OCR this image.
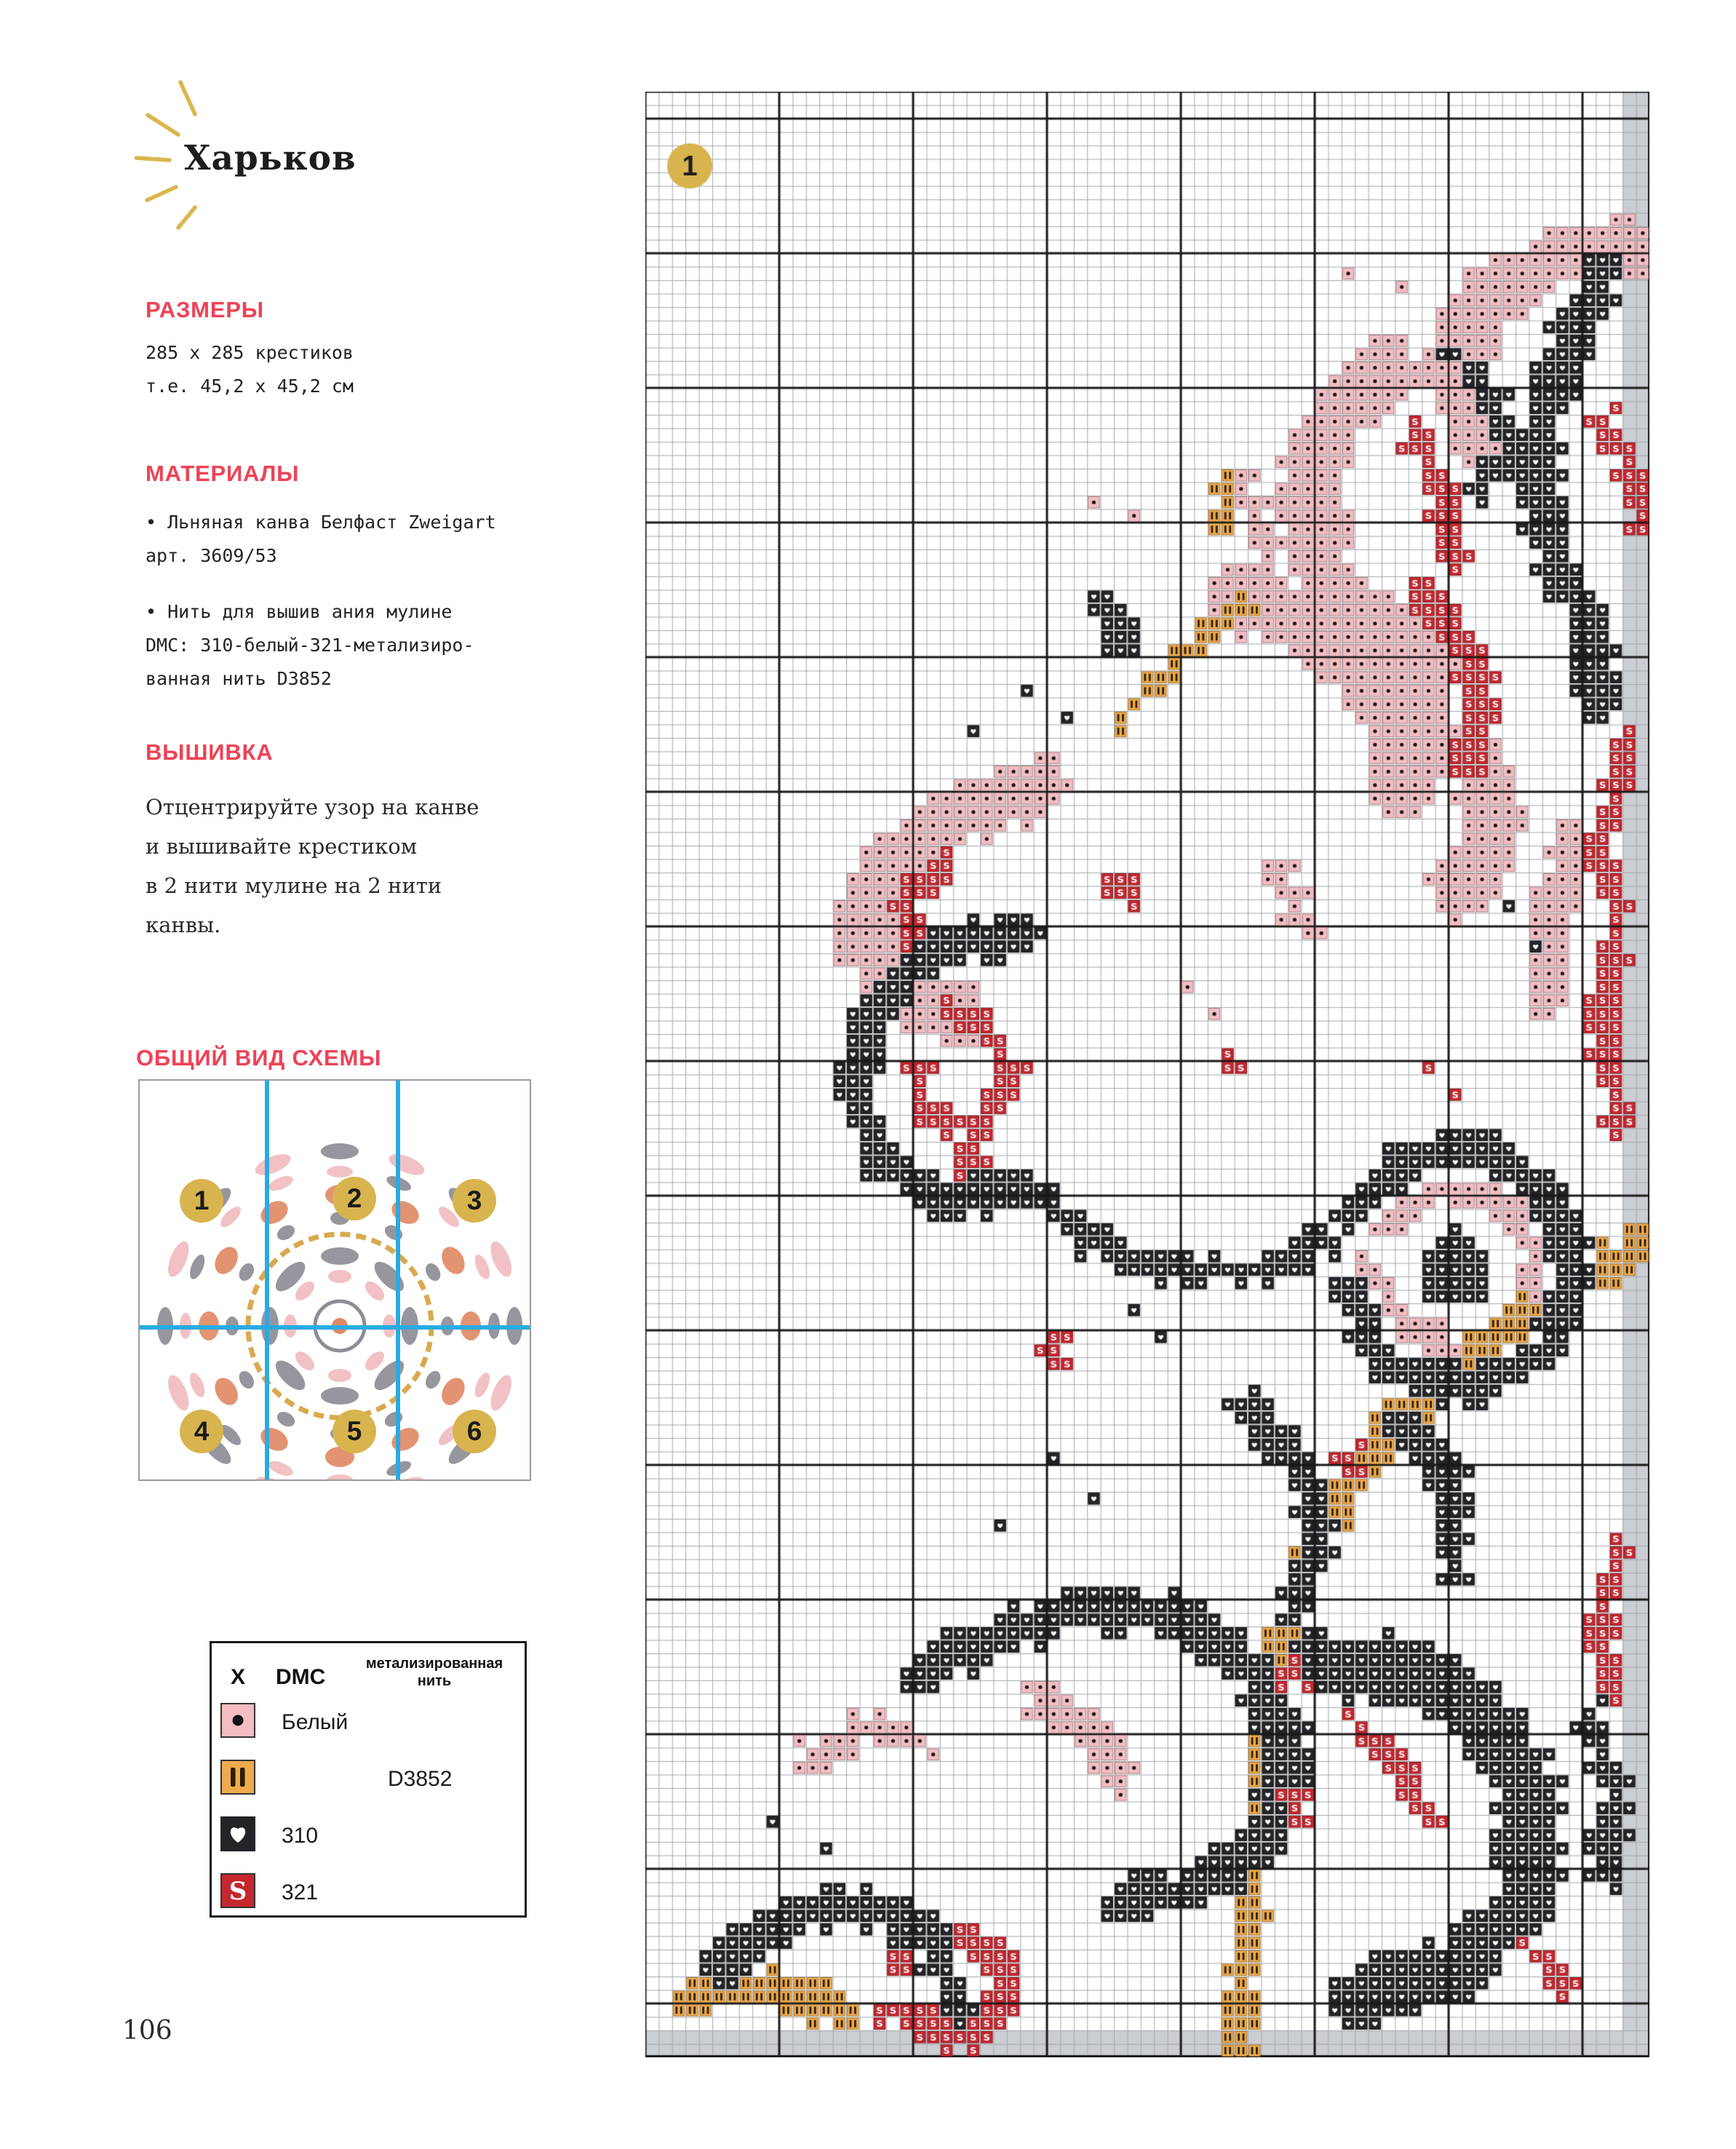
Харьков
РАЗМЕРЫ
285 x 285 крестиков
т.е. 45,2 x 45,2 см
МАТЕРИАЛЫ
• Льняная канва Белфаст Zweigart
арт. 3609/53
• Нить для вышив ания мулине
DMC: 310-белый-321-метализиро-
ванная нить D3852
ВЫШИВКА
Отцентрируйте узор на канве
и вышивайте крестиком
в 2 нити мулине на 2 нити
канвы.
ОБЩИЙ ВИД СХЕМЫ
1	2	3
4	5	6
X DMC
метализированная
нить
Белый
D3852
310
S 321
106
